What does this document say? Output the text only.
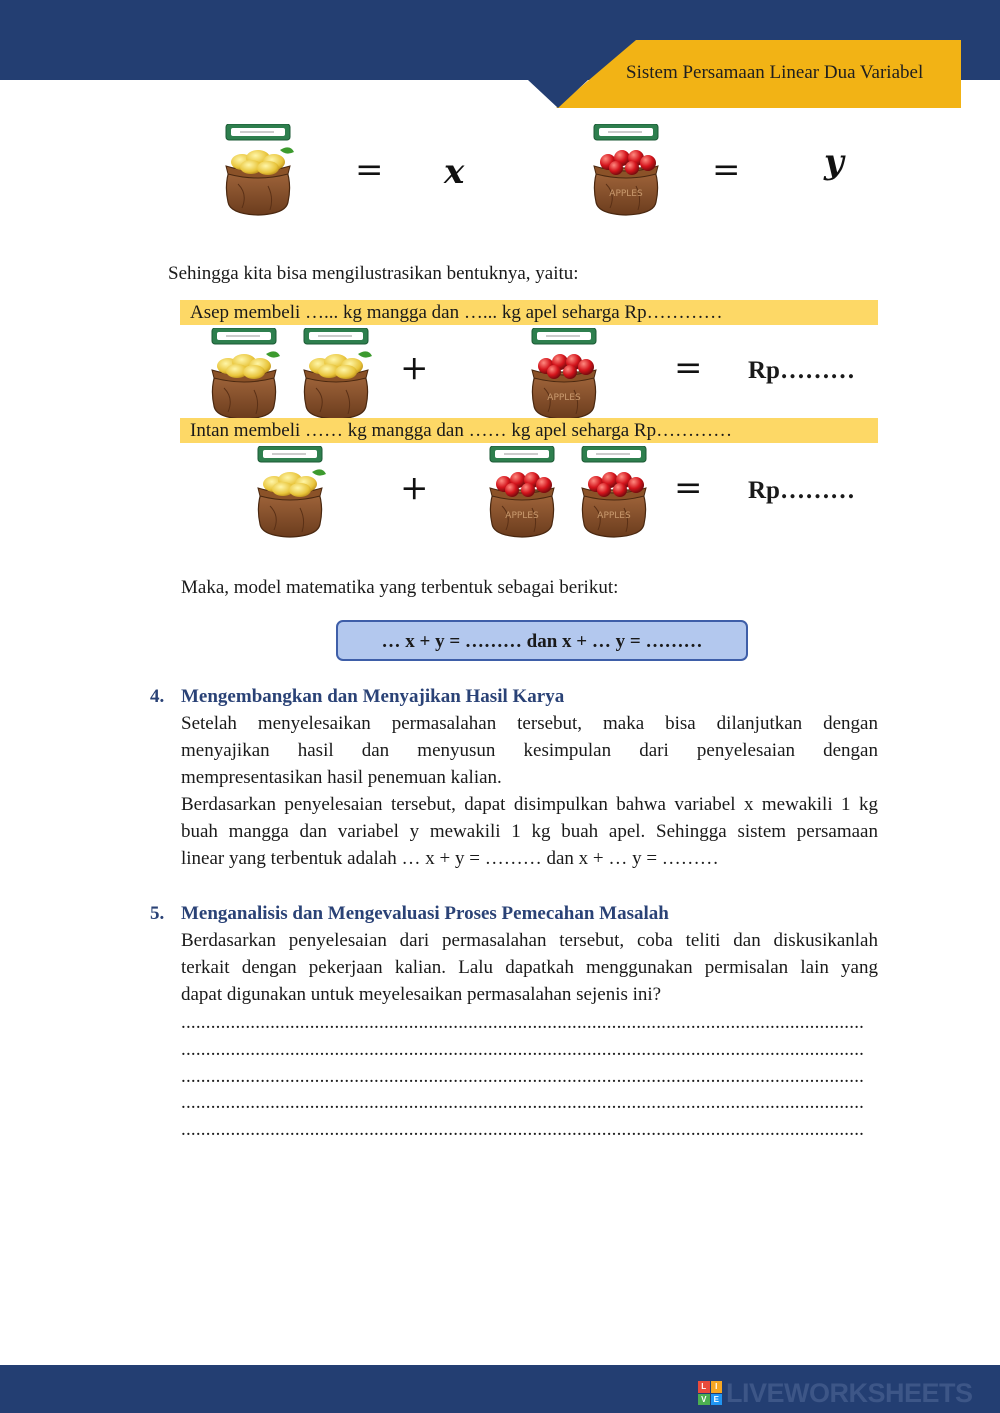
Sistem Persamaan Linear Dua Variabel
= x
APPLES
= y
Sehingga kita bisa mengilustrasikan bentuknya, yaitu:
Asep membeli …... kg mangga dan …... kg apel seharga Rp…………
+
APPLES
= Rp………
Intan membeli …… kg mangga dan …… kg apel seharga Rp…………
+
APPLES	APPLES
= Rp………
Maka, model matematika yang terbentuk sebagai berikut:
… x + y = ……… dan x + … y = ………
4. Mengembangkan dan Menyajikan Hasil Karya
Setelah menyelesaikan permasalahan tersebut, maka bisa dilanjutkan dengan
menyajikan hasil dan menyusun kesimpulan dari penyelesaian dengan
mempresentasikan hasil penemuan kalian.
Berdasarkan penyelesaian tersebut, dapat disimpulkan bahwa variabel x mewakili 1 kg
buah mangga dan variabel y mewakili 1 kg buah apel. Sehingga sistem persamaan
linear yang terbentuk adalah … x + y = ……… dan x + … y = ………
5. Menganalisis dan Mengevaluasi Proses Pemecahan Masalah
Berdasarkan penyelesaian dari permasalahan tersebut, coba teliti dan diskusikanlah
terkait dengan pekerjaan kalian. Lalu dapatkah menggunakan permisalan lain yang
dapat digunakan untuk meyelesaikan permasalahan sejenis ini?
..........................................................................................................................................
..........................................................................................................................................
..........................................................................................................................................
..........................................................................................................................................
..........................................................................................................................................
L	I
V E LIVEWORKSHEETS
